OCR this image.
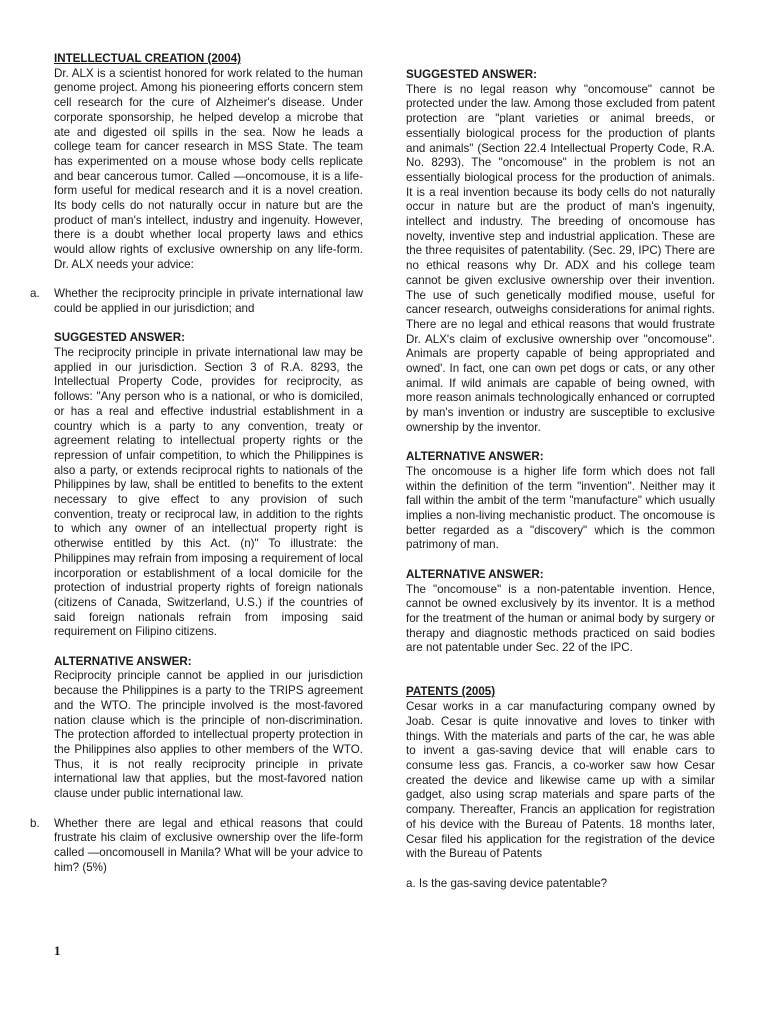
INTELLECTUAL CREATION (2004)

Dr. ALX is a scientist honored for work related to the human genome project. Among his pioneering efforts concern stem cell research for the cure of Alzheimer's disease. Under corporate sponsorship, he helped develop a microbe that ate and digested oil spills in the sea. Now he leads a college team for cancer research in MSS State. The team has experimented on a mouse whose body cells replicate and bear cancerous tumor. Called —oncomouse, it is a life-form useful for medical research and it is a novel creation. Its body cells do not naturally occur in nature but are the product of man's intellect, industry and ingenuity. However, there is a doubt whether local property laws and ethics would allow rights of exclusive ownership on any life-form. Dr. ALX needs your advice:

a. Whether the reciprocity principle in private international law could be applied in our jurisdiction; and

SUGGESTED ANSWER:

The reciprocity principle in private international law may be applied in our jurisdiction. Section 3 of R.A. 8293, the Intellectual Property Code, provides for reciprocity, as follows: "Any person who is a national, or who is domiciled, or has a real and effective industrial establishment in a country which is a party to any convention, treaty or agreement relating to intellectual property rights or the repression of unfair competition, to which the Philippines is also a party, or extends reciprocal rights to nationals of the Philippines by law, shall be entitled to benefits to the extent necessary to give effect to any provision of such convention, treaty or reciprocal law, in addition to the rights to which any owner of an intellectual property right is otherwise entitled by this Act. (n)" To illustrate: the Philippines may refrain from imposing a requirement of local incorporation or establishment of a local domicile for the protection of industrial property rights of foreign nationals (citizens of Canada, Switzerland, U.S.) if the countries of said foreign nationals refrain from imposing said requirement on Filipino citizens.

ALTERNATIVE ANSWER:

Reciprocity principle cannot be applied in our jurisdiction because the Philippines is a party to the TRIPS agreement and the WTO. The principle involved is the most-favored nation clause which is the principle of non-discrimination. The protection afforded to intellectual property protection in the Philippines also applies to other members of the WTO. Thus, it is not really reciprocity principle in private international law that applies, but the most-favored nation clause under public international law.

b. Whether there are legal and ethical reasons that could frustrate his claim of exclusive ownership over the life-form called —oncomousell in Manila? What will be your advice to him? (5%)

SUGGESTED ANSWER:

There is no legal reason why "oncomouse" cannot be protected under the law. Among those excluded from patent protection are "plant varieties or animal breeds, or essentially biological process for the production of plants and animals" (Section 22.4 Intellectual Property Code, R.A. No. 8293). The "oncomouse" in the problem is not an essentially biological process for the production of animals. It is a real invention because its body cells do not naturally occur in nature but are the product of man's ingenuity, intellect and industry. The breeding of oncomouse has novelty, inventive step and industrial application. These are the three requisites of patentability. (Sec. 29, IPC) There are no ethical reasons why Dr. ADX and his college team cannot be given exclusive ownership over their invention. The use of such genetically modified mouse, useful for cancer research, outweighs considerations for animal rights. There are no legal and ethical reasons that would frustrate Dr. ALX's claim of exclusive ownership over "oncomouse". Animals are property capable of being appropriated and owned'. In fact, one can own pet dogs or cats, or any other animal. If wild animals are capable of being owned, with more reason animals technologically enhanced or corrupted by man's invention or industry are susceptible to exclusive ownership by the inventor.

ALTERNATIVE ANSWER:

The oncomouse is a higher life form which does not fall within the definition of the term "invention". Neither may it fall within the ambit of the term "manufacture" which usually implies a non-living mechanistic product. The oncomouse is better regarded as a "discovery" which is the common patrimony of man.

ALTERNATIVE ANSWER:

The "oncomouse" is a non-patentable invention. Hence, cannot be owned exclusively by its inventor. It is a method for the treatment of the human or animal body by surgery or therapy and diagnostic methods practiced on said bodies are not patentable under Sec. 22 of the IPC.

PATENTS (2005)

Cesar works in a car manufacturing company owned by Joab. Cesar is quite innovative and loves to tinker with things. With the materials and parts of the car, he was able to invent a gas-saving device that will enable cars to consume less gas. Francis, a co-worker saw how Cesar created the device and likewise came up with a similar gadget, also using scrap materials and spare parts of the company. Thereafter, Francis an application for registration of his device with the Bureau of Patents. 18 months later, Cesar filed his application for the registration of the device with the Bureau of Patents

a. Is the gas-saving device patentable?

1
